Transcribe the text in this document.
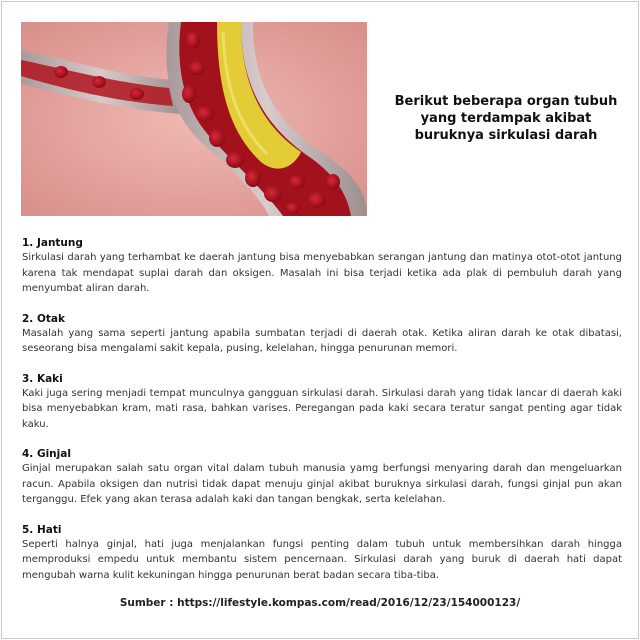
Berikut beberapa organ tubuh
yang terdampak akibat
buruknya sirkulasi darah
1. Jantung
Sirkulasi darah yang terhambat ke daerah jantung bisa menyebabkan serangan jantung dan matinya otot-otot jantung karena tak mendapat suplai darah dan oksigen. Masalah ini bisa terjadi ketika ada plak di pembuluh darah yang menyumbat aliran darah.
2. Otak
Masalah yang sama seperti jantung apabila sumbatan terjadi di daerah otak. Ketika aliran darah ke otak dibatasi, seseorang bisa mengalami sakit kepala, pusing, kelelahan, hingga penurunan memori.
3. Kaki
Kaki juga sering menjadi tempat munculnya gangguan sirkulasi darah. Sirkulasi darah yang tidak lancar di daerah kaki bisa menyebabkan kram, mati rasa, bahkan varises. Peregangan pada kaki secara teratur sangat penting agar tidak kaku.
4. Ginjal
Ginjal merupakan salah satu organ vital dalam tubuh manusia yamg berfungsi menyaring darah dan mengeluarkan racun. Apabila oksigen dan nutrisi tidak dapat menuju ginjal akibat buruknya sirkulasi darah, fungsi ginjal pun akan terganggu. Efek yang akan terasa adalah kaki dan tangan bengkak, serta kelelahan.
5. Hati
Seperti halnya ginjal, hati juga menjalankan fungsi penting dalam tubuh untuk membersihkan darah hingga memproduksi empedu untuk membantu sistem pencernaan. Sirkulasi darah yang buruk di daerah hati dapat mengubah warna kulit kekuningan hingga penurunan berat badan secara tiba-tiba.
Sumber : https://lifestyle.kompas.com/read/2016/12/23/154000123/
